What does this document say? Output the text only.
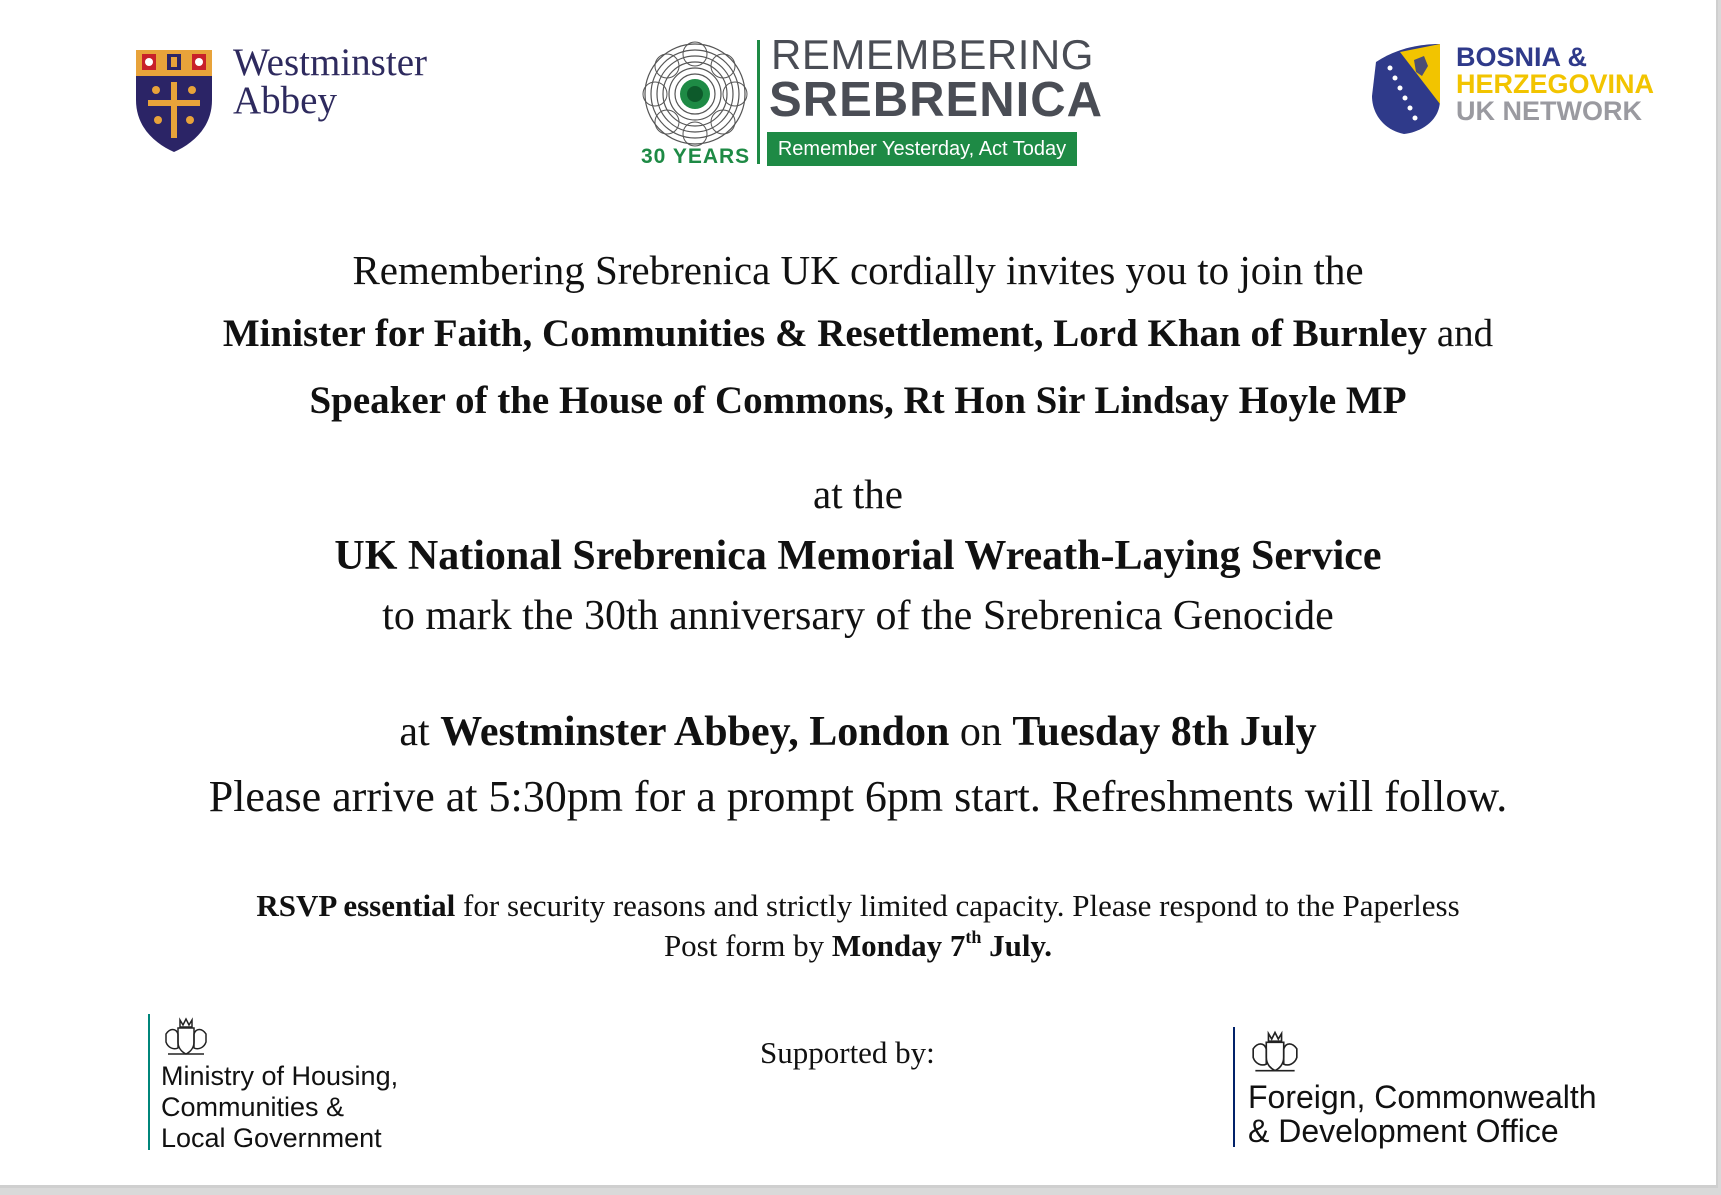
Westminster
Abbey
30 YEARS
REMEMBERING
SREBRENICA
Remember Yesterday, Act Today
BOSNIA &
HERZEGOVINA
UK NETWORK
Remembering Srebrenica UK cordially invites you to join the
Minister for Faith, Communities & Resettlement, Lord Khan of Burnley and
Speaker of the House of Commons, Rt Hon Sir Lindsay Hoyle MP
at the
UK National Srebrenica Memorial Wreath-Laying Service
to mark the 30th anniversary of the Srebrenica Genocide
at Westminster Abbey, London on Tuesday 8th July
Please arrive at 5:30pm for a prompt 6pm start. Refreshments will follow.
RSVP essential for security reasons and strictly limited capacity. Please respond to the Paperless
Post form by Monday 7th July.
Supported by:
Ministry of Housing,
Communities &
Local Government
Foreign, Commonwealth
& Development Office
